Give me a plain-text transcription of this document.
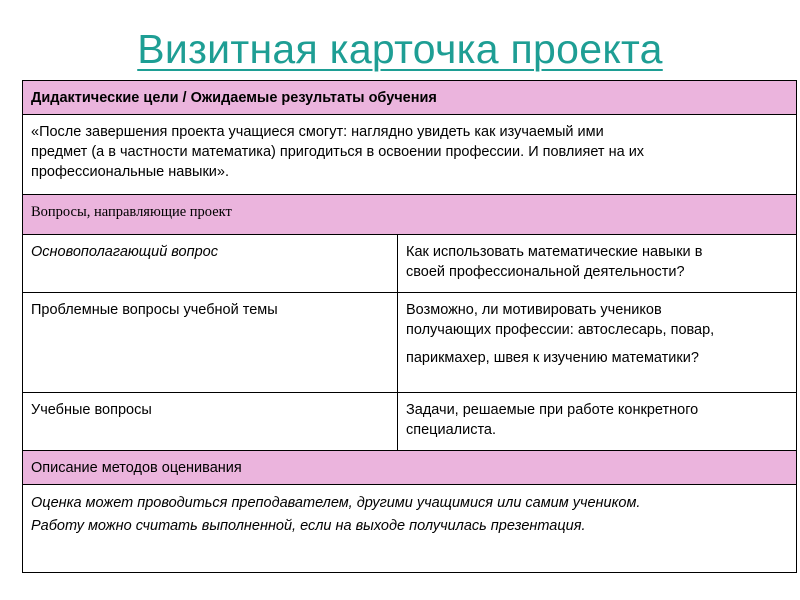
Визитная карточка проекта
Дидактические цели / Ожидаемые результаты обучения	

«После завершения проекта учащиеся смогут: наглядно увидеть как изучаемый ими
предмет (а в частности математика) пригодиться в освоении профессии. И повлияет на их
профессиональные навыки».	

Вопросы, направляющие проект	
Основополагающий вопрос	Как использовать математические навыки в
своей профессиональной деятельности?

Проблемные вопросы учебной темы	Возможно, ли мотивировать учеников
получающих профессии: автослесарь, повар,
парикмахер, швея к изучению математики?

Учебные вопросы	Задачи, решаемые при работе конкретного
специалиста.

Описание методов оценивания	

Оценка может проводиться преподавателем, другими учащимися или самим учеником.
Работу можно считать выполненной, если на выходе получилась презентация.	
